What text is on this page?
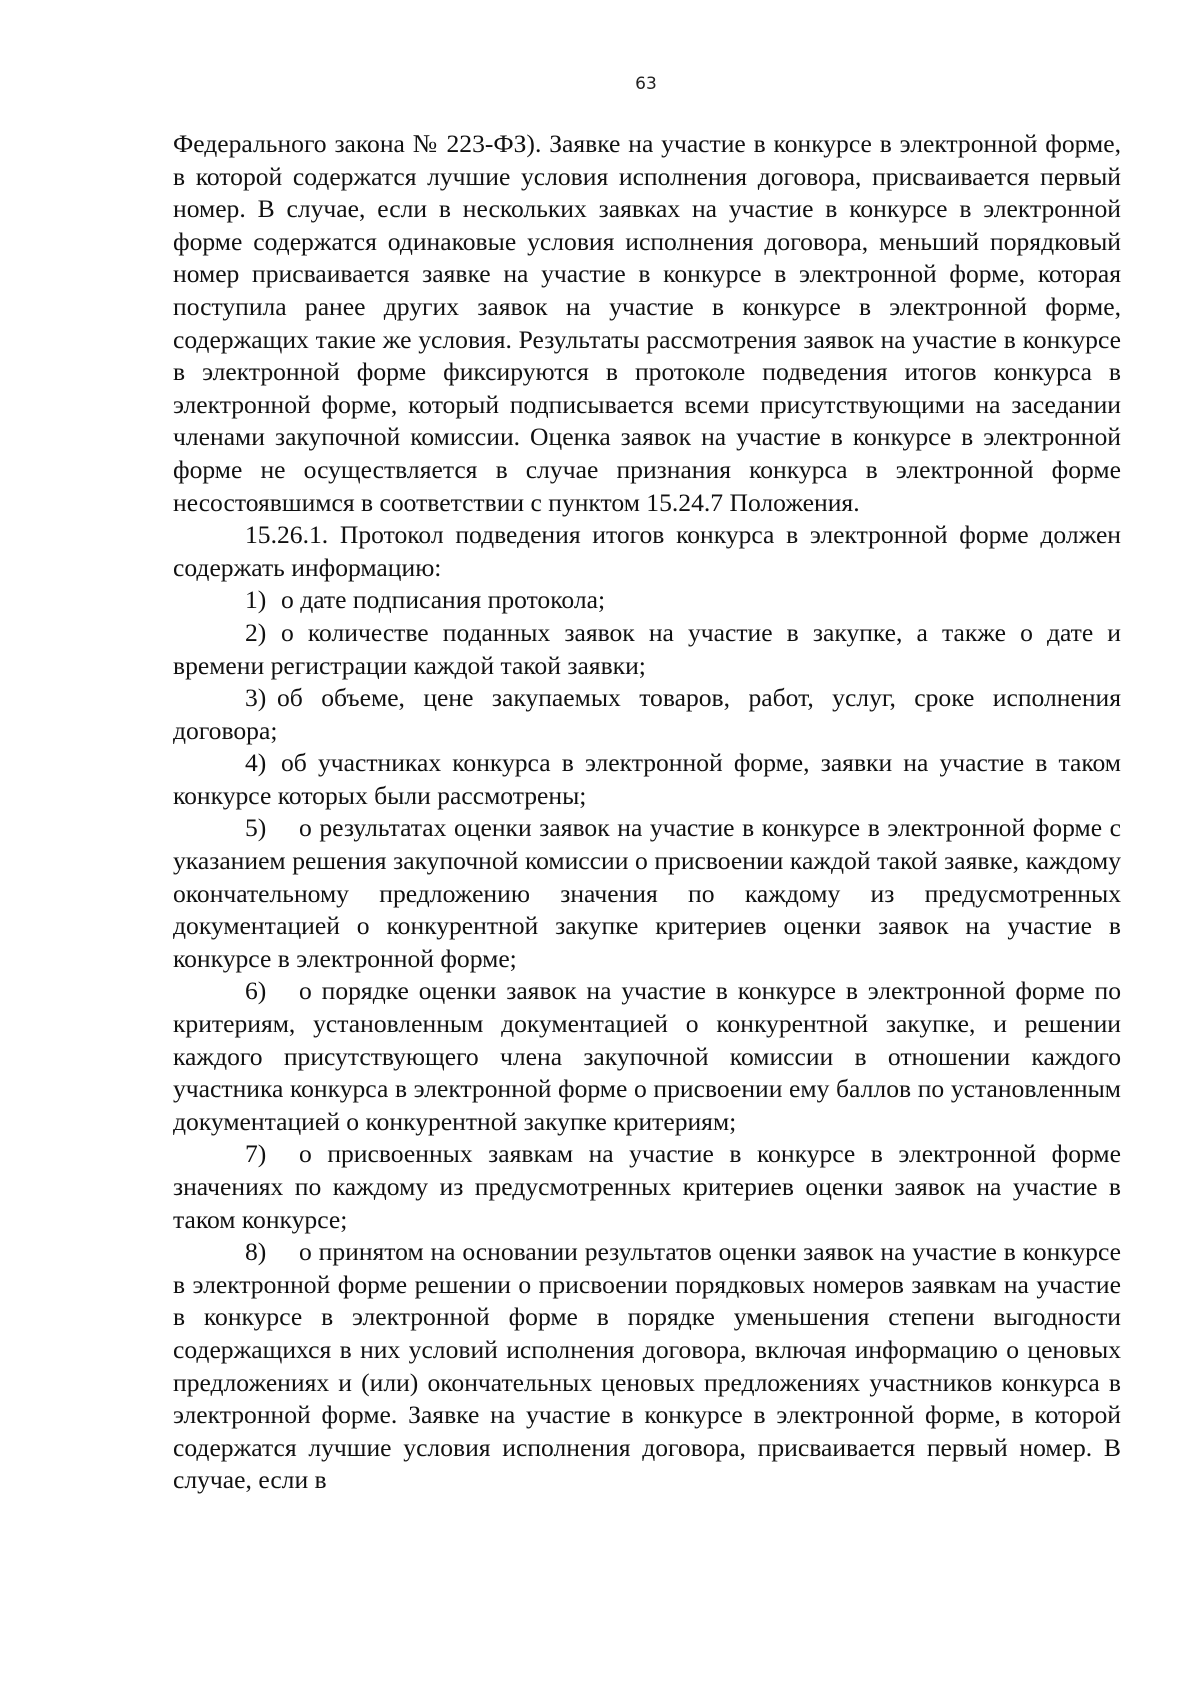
63

Федерального закона № 223-ФЗ). Заявке на участие в конкурсе в электронной форме, в которой содержатся лучшие условия исполнения договора, присваивается первый номер. В случае, если в нескольких заявках на участие в конкурсе в электронной форме содержатся одинаковые условия исполнения договора, меньший порядковый номер присваивается заявке на участие в конкурсе в электронной форме, которая поступила ранее других заявок на участие в конкурсе в электронной форме, содержащих такие же условия. Результаты рассмотрения заявок на участие в конкурсе в электронной форме фиксируются в протоколе подведения итогов конкурса в электронной форме, который подписывается всеми присутствующими на заседании членами закупочной комиссии. Оценка заявок на участие в конкурсе в электронной форме не осуществляется в случае признания конкурса в электронной форме несостоявшимся в соответствии с пунктом 15.24.7 Положения.

15.26.1. Протокол подведения итогов конкурса в электронной форме должен содержать информацию:

1) о дате подписания протокола;

2) о количестве поданных заявок на участие в закупке, а также о дате и времени регистрации каждой такой заявки;

3) об объеме, цене закупаемых товаров, работ, услуг, сроке исполнения договора;

4) об участниках конкурса в электронной форме, заявки на участие в таком конкурсе которых были рассмотрены;

5) о результатах оценки заявок на участие в конкурсе в электронной форме с указанием решения закупочной комиссии о присвоении каждой такой заявке, каждому окончательному предложению значения по каждому из предусмотренных документацией о конкурентной закупке критериев оценки заявок на участие в конкурсе в электронной форме;

6) о порядке оценки заявок на участие в конкурсе в электронной форме по критериям, установленным документацией о конкурентной закупке, и решении каждого присутствующего члена закупочной комиссии в отношении каждого участника конкурса в электронной форме о присвоении ему баллов по установленным документацией о конкурентной закупке критериям;

7) о присвоенных заявкам на участие в конкурсе в электронной форме значениях по каждому из предусмотренных критериев оценки заявок на участие в таком конкурсе;

8) о принятом на основании результатов оценки заявок на участие в конкурсе в электронной форме решении о присвоении порядковых номеров заявкам на участие в конкурсе в электронной форме в порядке уменьшения степени выгодности содержащихся в них условий исполнения договора, включая информацию о ценовых предложениях и (или) окончательных ценовых предложениях участников конкурса в электронной форме. Заявке на участие в конкурсе в электронной форме, в которой содержатся лучшие условия исполнения договора, присваивается первый номер. В случае, если в
